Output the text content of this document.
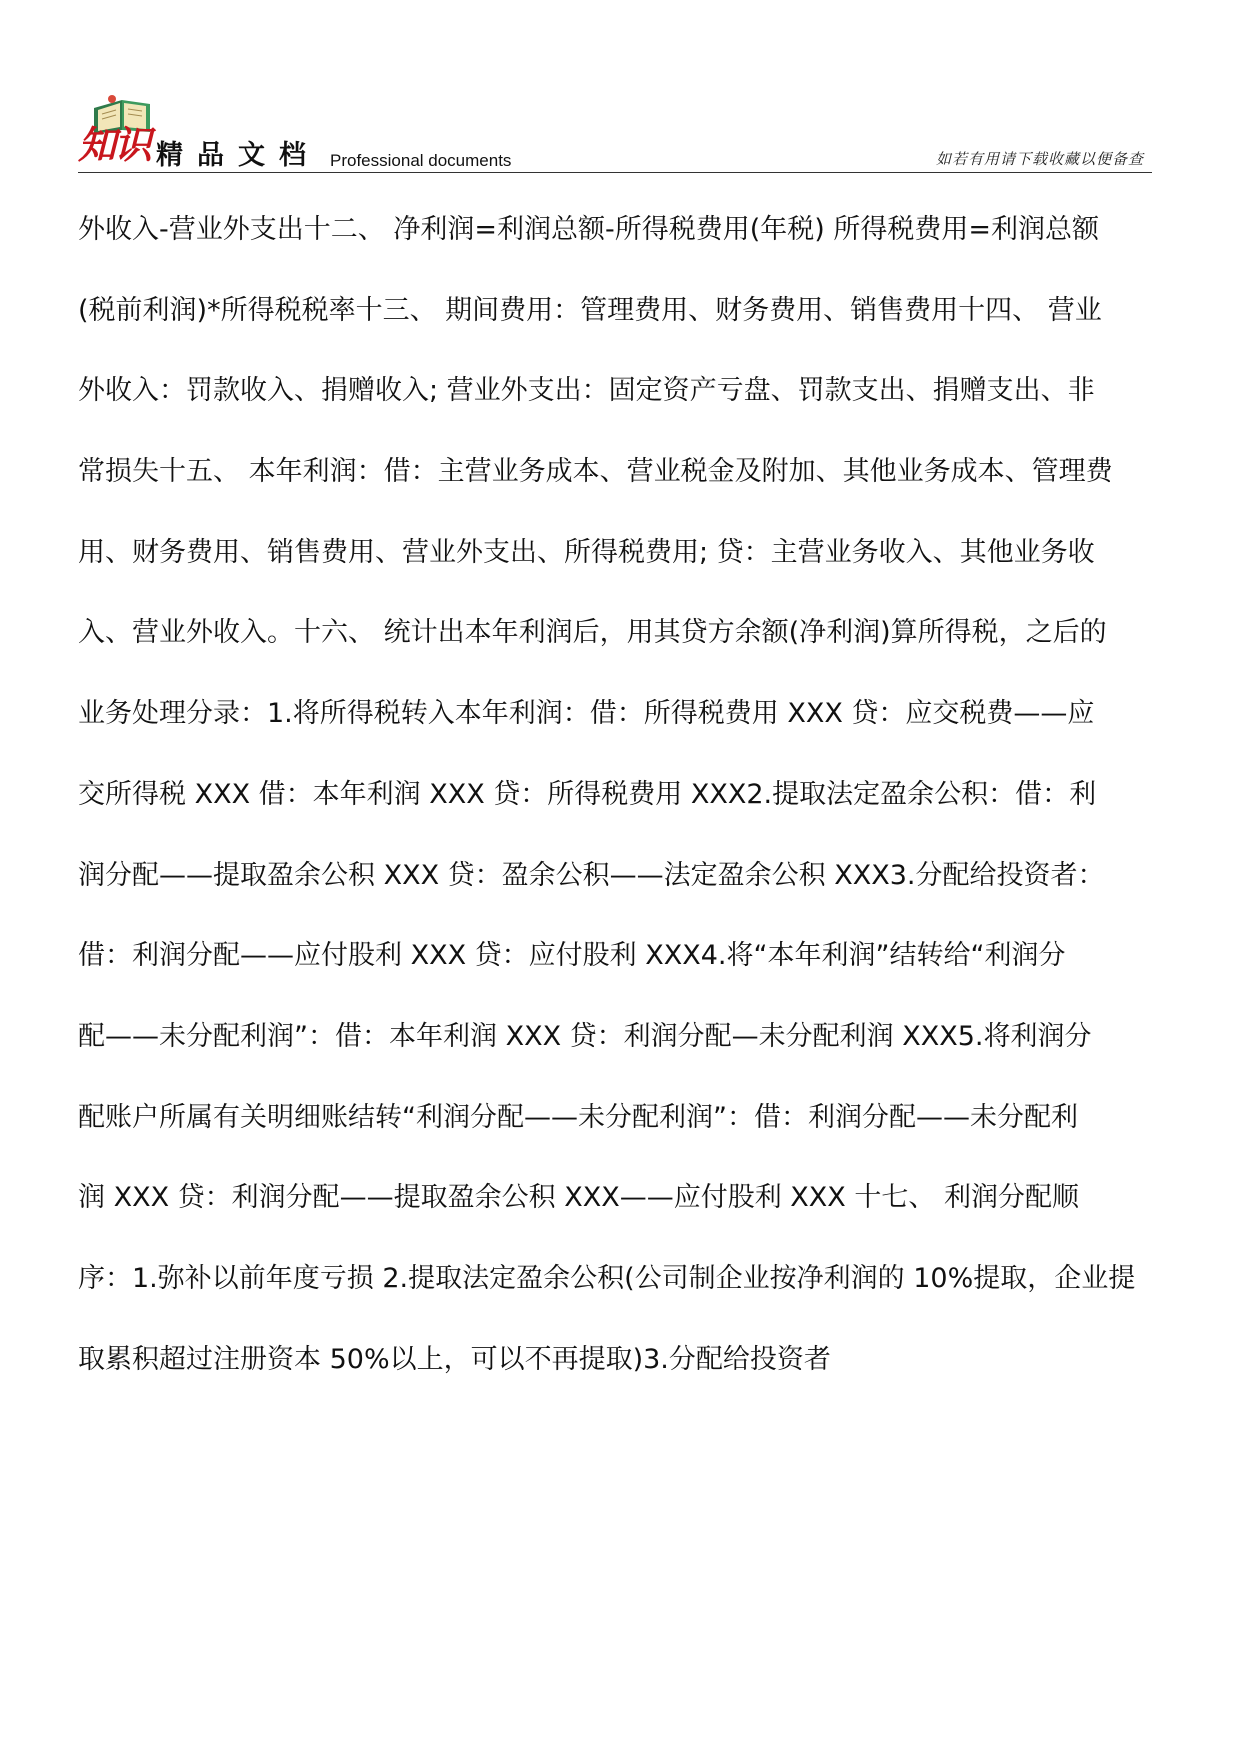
知识 精品文档 Professional documents	如若有用请下载收藏以便备查
外收入-营业外支出十二、 净利润=利润总额-所得税费用(年税) 所得税费用=利润总额
(税前利润)*所得税税率十三、 期间费用：管理费用、财务费用、销售费用十四、 营业
外收入：罚款收入、捐赠收入; 营业外支出：固定资产亏盘、罚款支出、捐赠支出、非
常损失十五、 本年利润：借：主营业务成本、营业税金及附加、其他业务成本、管理费
用、财务费用、销售费用、营业外支出、所得税费用; 贷：主营业务收入、其他业务收
入、营业外收入。十六、 统计出本年利润后，用其贷方余额(净利润)算所得税，之后的
业务处理分录：1.将所得税转入本年利润：借：所得税费用 XXX 贷：应交税费——应
交所得税 XXX 借：本年利润 XXX 贷：所得税费用 XXX2.提取法定盈余公积：借：利
润分配——提取盈余公积 XXX 贷：盈余公积——法定盈余公积 XXX3.分配给投资者：
借：利润分配——应付股利 XXX 贷：应付股利 XXX4.将“本年利润”结转给“利润分
配——未分配利润”：借：本年利润 XXX 贷：利润分配—未分配利润 XXX5.将利润分
配账户所属有关明细账结转“利润分配——未分配利润”：借：利润分配——未分配利
润 XXX 贷：利润分配——提取盈余公积 XXX——应付股利 XXX 十七、 利润分配顺
序：1.弥补以前年度亏损 2.提取法定盈余公积(公司制企业按净利润的 10%提取，企业提
取累积超过注册资本 50%以上，可以不再提取)3.分配给投资者
